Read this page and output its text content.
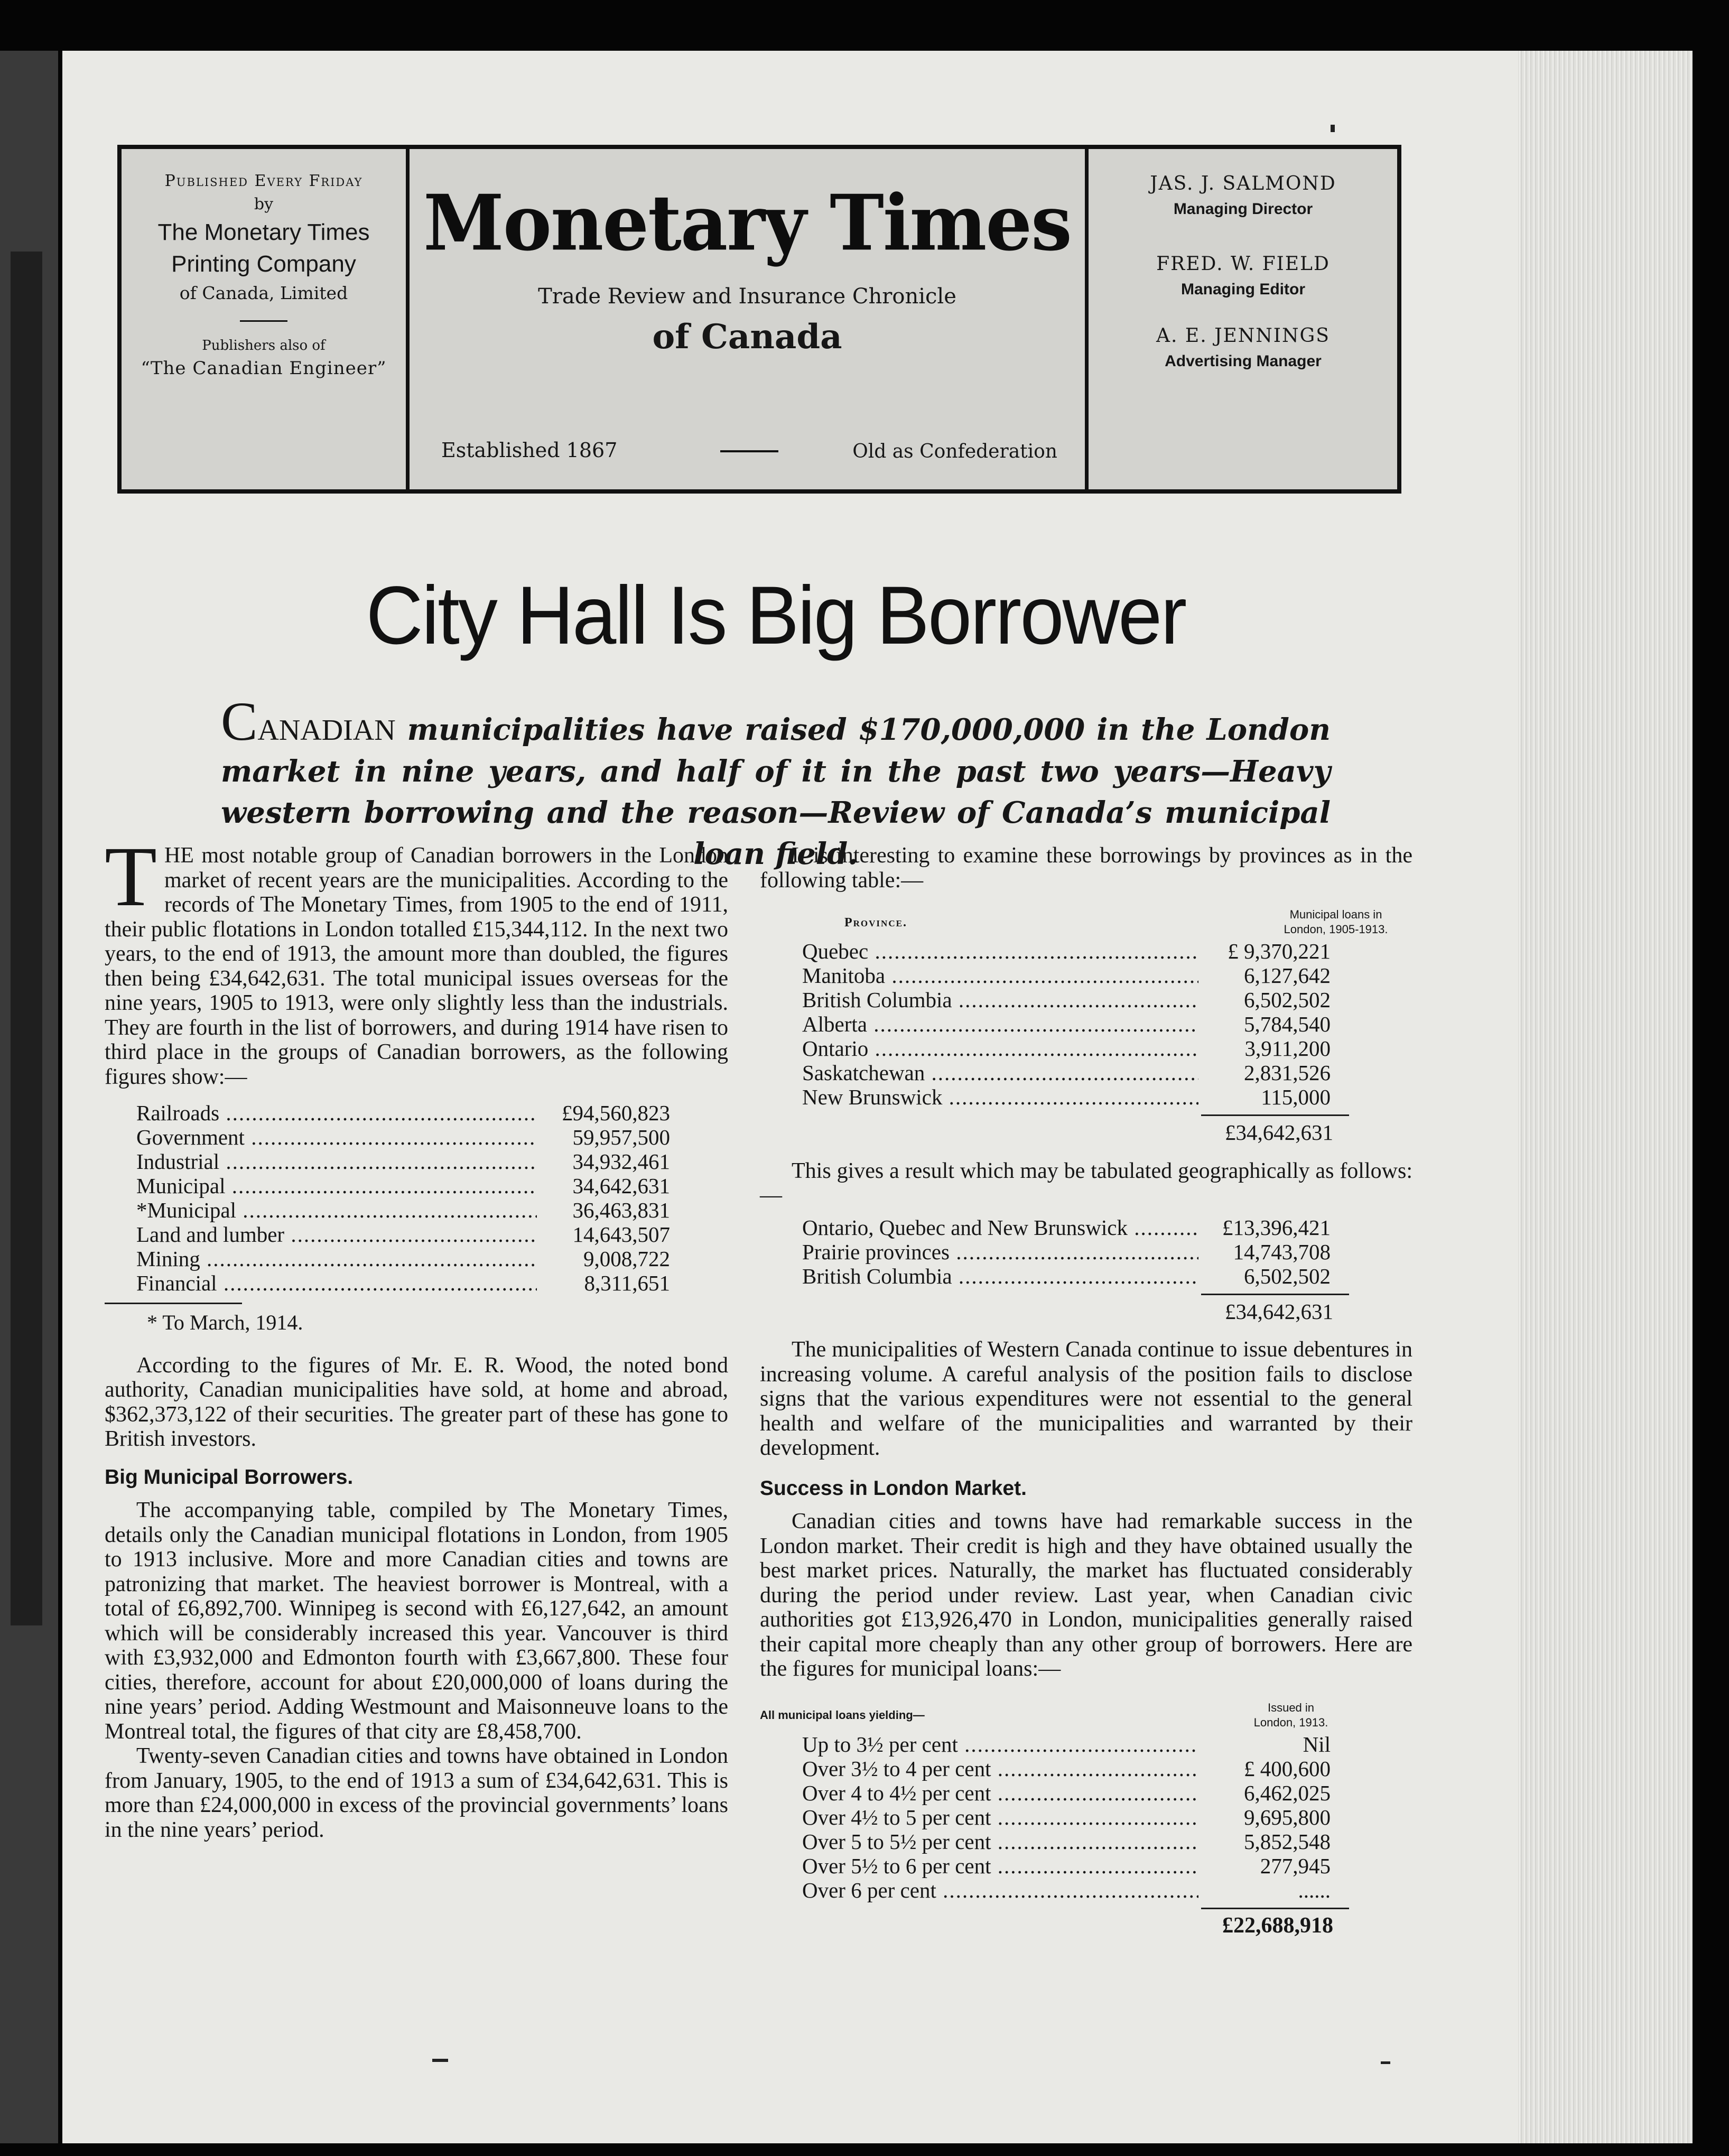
Published Every Friday
by
The Monetary Times
Printing Company
of Canada, Limited
Publishers also of
“The Canadian Engineer”
Monetary Times
Trade Review and Insurance Chronicle
of Canada
Established 1867	Old as Confederation
JAS. J. SALMOND
Managing Director
FRED. W. FIELD
Managing Editor
A. E. JENNINGS
Advertising Manager
City Hall Is Big Borrower
CANADIAN municipalities have raised $170,000,000 in the London market in nine years, and half of it in the past two years—Heavy western borrowing and the reason—Review of Canada’s municipal loan field.

THE most notable group of Canadian borrowers in the London market of recent years are the municipalities. According to the records of The Monetary Times, from 1905 to the end of 1911, their public flotations in London totalled £15,344,112. In the next two years, to the end of 1913, the amount more than doubled, the figures then being £34,642,631. The total municipal issues overseas for the nine years, 1905 to 1913, were only slightly less than the industrials. They are fourth in the list of borrowers, and during 1914 have risen to third place in the groups of Canadian borrowers, as the following figures show:—

Railroads .....	£94,560,823
Government .....	59,957,500
Industrial .....	34,932,461
Municipal .....	34,642,631
*Municipal .....	36,463,831
Land and lumber .....	14,643,507
Mining .....	9,008,722
Financial .....	8,311,651
* To March, 1914.

According to the figures of Mr. E. R. Wood, the noted bond authority, Canadian municipalities have sold, at home and abroad, $362,373,122 of their securities. The greater part of these has gone to British investors.

Big Municipal Borrowers.

The accompanying table, compiled by The Monetary Times, details only the Canadian municipal flotations in London, from 1905 to 1913 inclusive. More and more Canadian cities and towns are patronizing that market. The heaviest borrower is Montreal, with a total of £6,892,700. Winnipeg is second with £6,127,642, an amount which will be considerably increased this year. Vancouver is third with £3,932,000 and Edmonton fourth with £3,667,800. These four cities, therefore, account for about £20,000,000 of loans during the nine years’ period. Adding Westmount and Maisonneuve loans to the Montreal total, the figures of that city are £8,458,700.

Twenty-seven Canadian cities and towns have obtained in London from January, 1905, to the end of 1913 a sum of £34,642,631. This is more than £24,000,000 in excess of the provincial governments’ loans in the nine years’ period.

It is interesting to examine these borrowings by provinces as in the following table:—

Province.
Municipal loans in
London, 1905-1913.
Quebec .....	£ 9,370,221
Manitoba .....	6,127,642
British Columbia .....	6,502,502
Alberta .....	5,784,540
Ontario .....	3,911,200
Saskatchewan .....	2,831,526
New Brunswick .....	115,000
£34,642,631

This gives a result which may be tabulated geographically as follows:—

Ontario, Quebec and New Brunswick .....	£13,396,421
Prairie provinces .....	14,743,708
British Columbia .....	6,502,502
£34,642,631

The municipalities of Western Canada continue to issue debentures in increasing volume. A careful analysis of the position fails to disclose signs that the various expenditures were not essential to the general health and welfare of the municipalities and warranted by their development.

Success in London Market.

Canadian cities and towns have had remarkable success in the London market. Their credit is high and they have obtained usually the best market prices. Naturally, the market has fluctuated considerably during the period under review. Last year, when Canadian civic authorities got £13,926,470 in London, municipalities generally raised their capital more cheaply than any other group of borrowers. Here are the figures for municipal loans:—

All municipal loans yielding—
Issued in
London, 1913.
Up to 3½ per cent .....	Nil
Over 3½ to 4 per cent .....	£ 400,600
Over 4 to 4½ per cent .....	6,462,025
Over 4½ to 5 per cent .....	9,695,800
Over 5 to 5½ per cent .....	5,852,548
Over 5½ to 6 per cent .....	277,945
Over 6 per cent .....	......
£22,688,918
